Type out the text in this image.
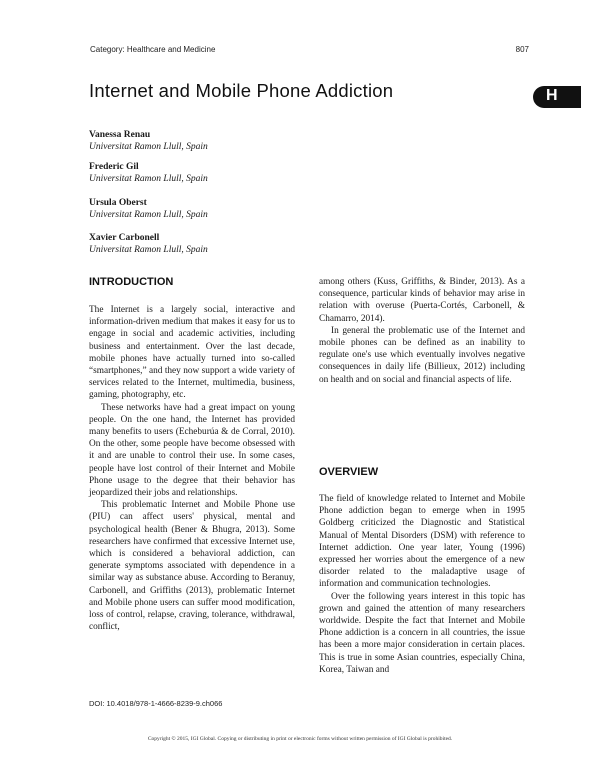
Category: Healthcare and Medicine	807
H
Internet and Mobile Phone Addiction
Vanessa Renau
Universitat Ramon Llull, Spain
Frederic Gil
Universitat Ramon Llull, Spain
Ursula Oberst
Universitat Ramon Llull, Spain
Xavier Carbonell
Universitat Ramon Llull, Spain
INTRODUCTION

The Internet is a largely social, interactive and information-driven medium that makes it easy for us to engage in social and academic activities, including business and entertainment. Over the last decade, mobile phones have actually turned into so-called “smartphones,” and they now support a wide variety of services related to the Internet, multimedia, business, gaming, photography, etc.

These networks have had a great impact on young people. On the one hand, the Internet has provided many benefits to users (Echeburúa & de Corral, 2010). On the other, some people have become obsessed with it and are unable to control their use. In some cases, people have lost control of their Internet and Mobile Phone usage to the degree that their behavior has jeopardized their jobs and relationships.

This problematic Internet and Mobile Phone use (PIU) can affect users' physical, mental and psychological health (Bener & Bhugra, 2013). Some researchers have confirmed that excessive Internet use, which is considered a behavioral addiction, can generate symptoms associated with dependence in a similar way as substance abuse. According to Beranuy, Carbonell, and Griffiths (2013), problematic Internet and Mobile phone users can suffer mood modification, loss of control, relapse, craving, tolerance, withdrawal, conflict,

among others (Kuss, Griffiths, & Binder, 2013). As a consequence, particular kinds of behavior may arise in relation with overuse (Puerta-Cortés, Carbonell, & Chamarro, 2014).

In general the problematic use of the Internet and mobile phones can be defined as an inability to regulate one's use which eventually involves negative consequences in daily life (Billieux, 2012) including on health and on social and financial aspects of life.

OVERVIEW

The field of knowledge related to Internet and Mobile Phone addiction began to emerge when in 1995 Goldberg criticized the Diagnostic and Statistical Manual of Mental Disorders (DSM) with reference to Internet addiction. One year later, Young (1996) expressed her worries about the emergence of a new disorder related to the maladaptive usage of information and communication technologies.

Over the following years interest in this topic has grown and gained the attention of many researchers worldwide. Despite the fact that Internet and Mobile Phone addiction is a concern in all countries, the issue has been a more major consideration in certain places. This is true in some Asian countries, especially China, Korea, Taiwan and

DOI: 10.4018/978-1-4666-8239-9.ch066
Copyright © 2015, IGI Global. Copying or distributing in print or electronic forms without written permission of IGI Global is prohibited.
